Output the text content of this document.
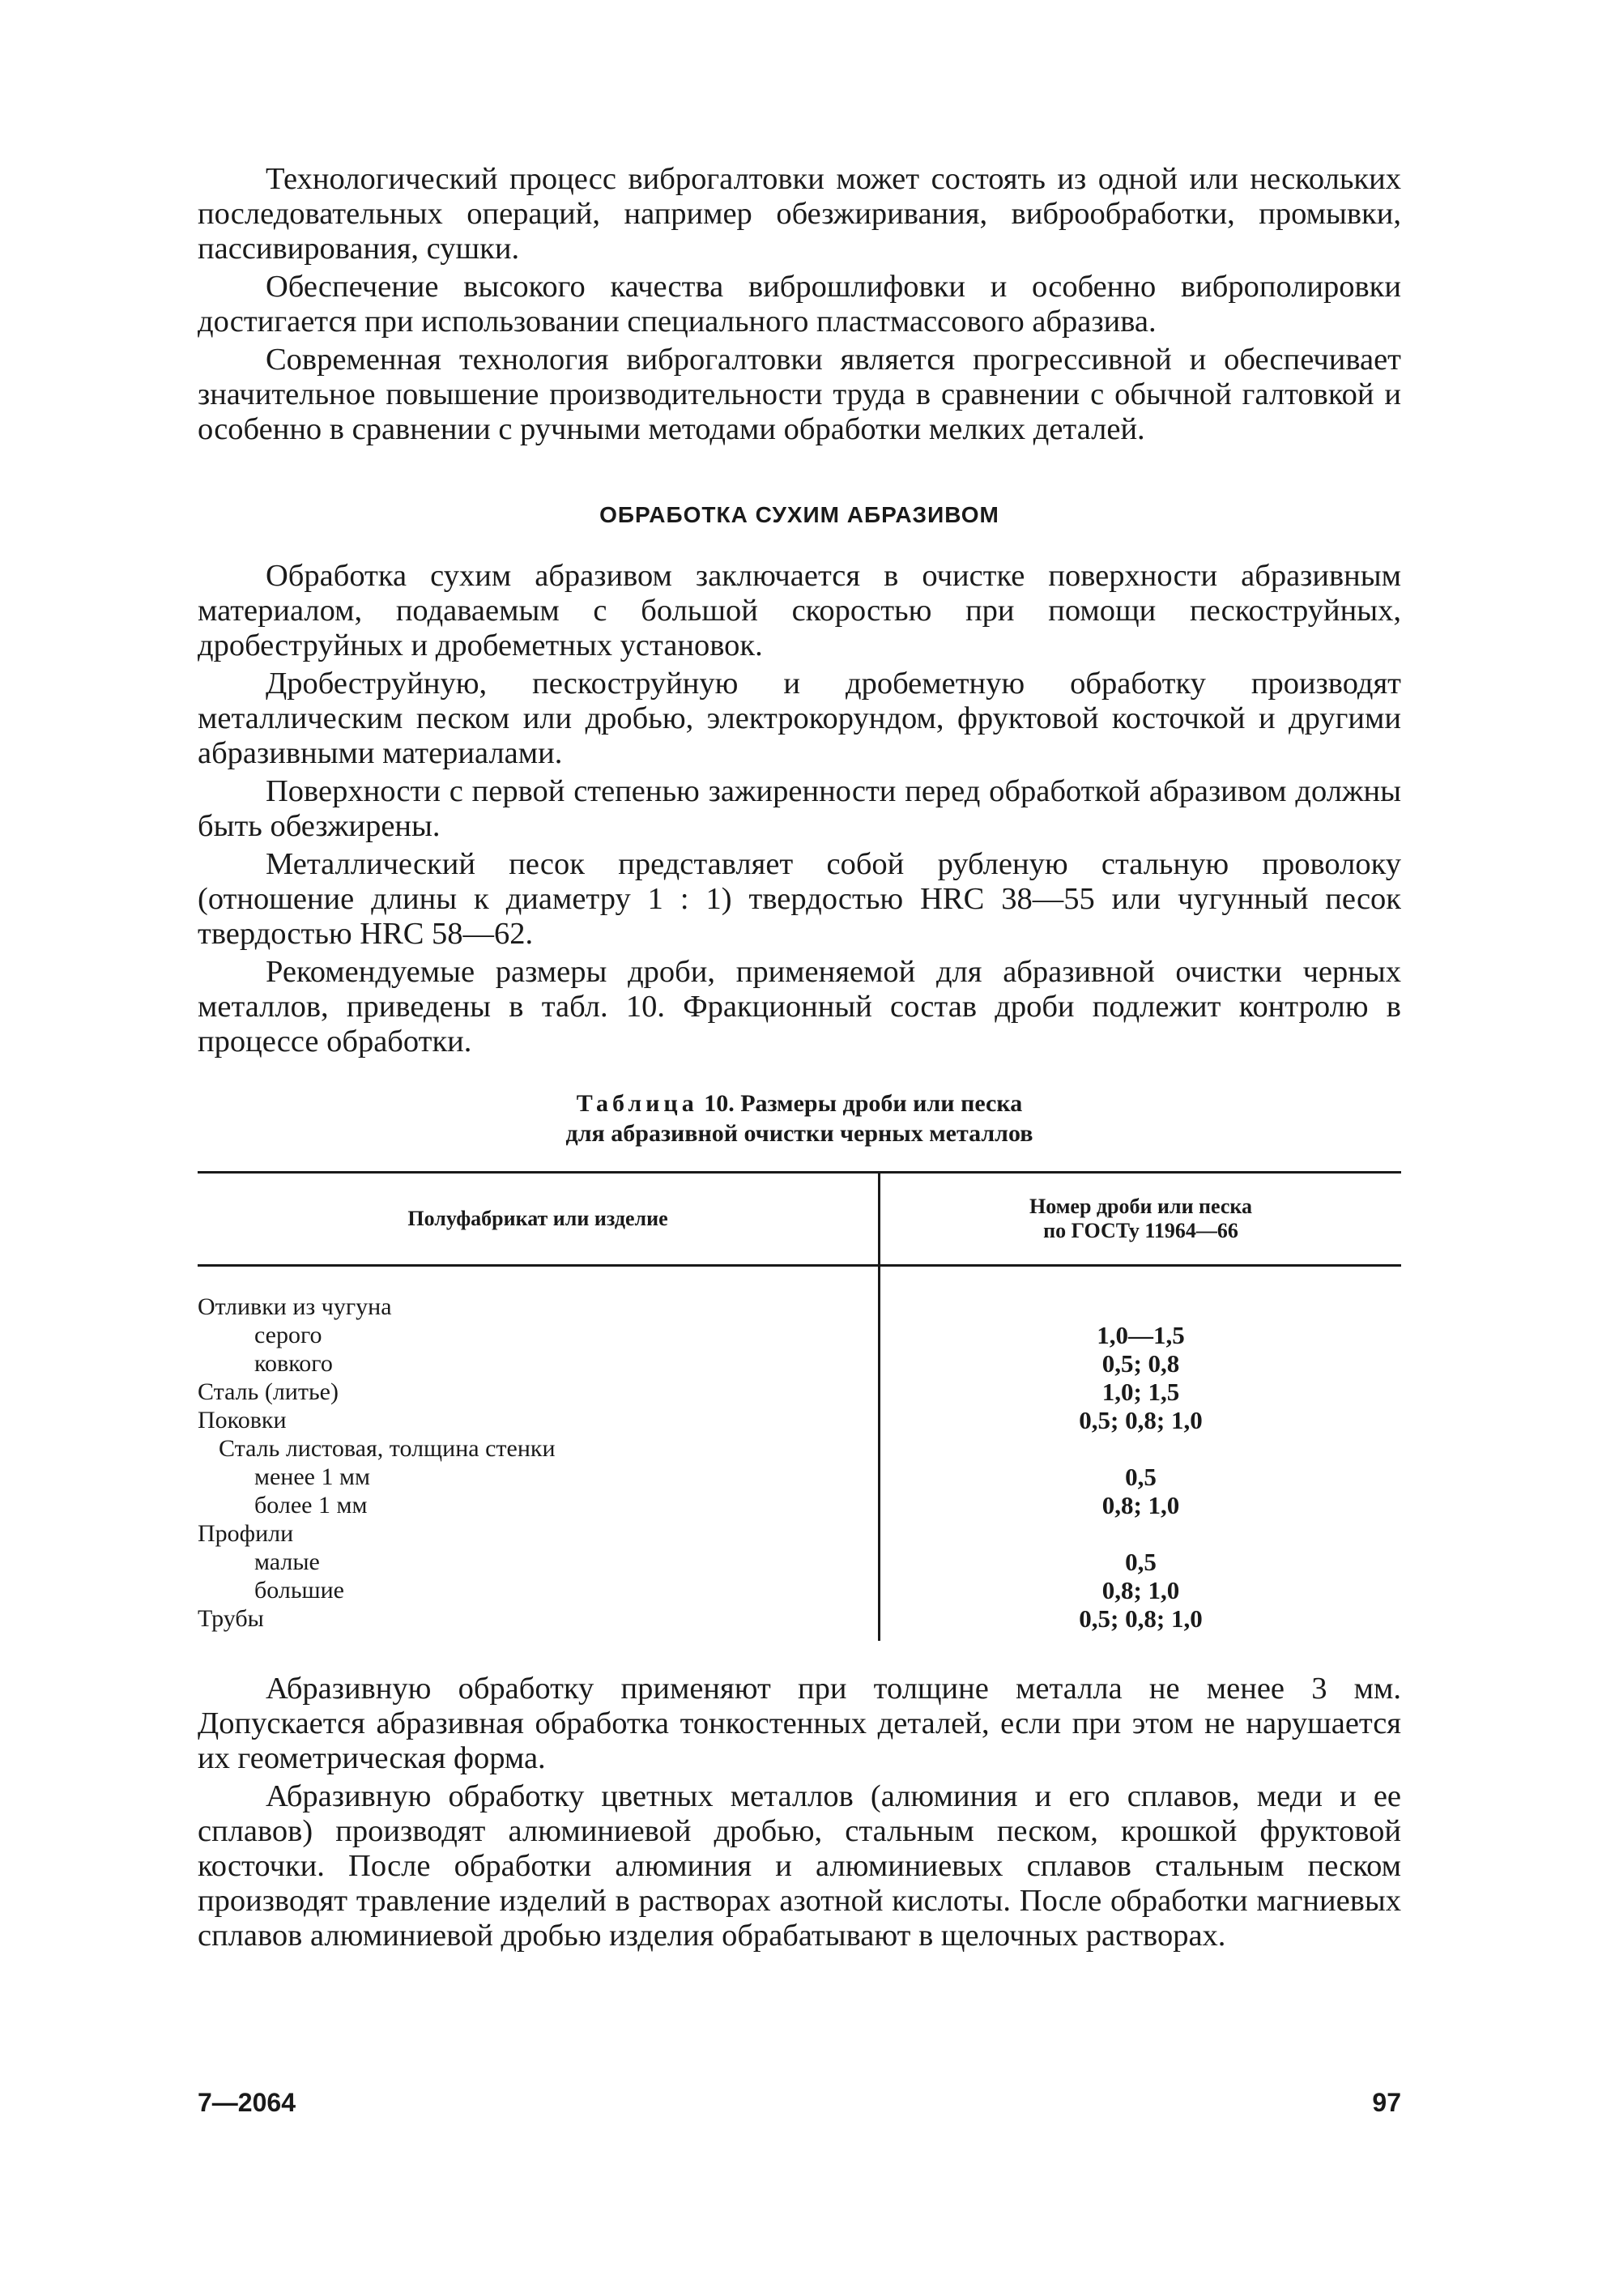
Технологический процесс виброгалтовки может состоять из одной или нескольких последовательных операций, например обезжиривания, виброобработки, промывки, пассивирования, сушки.

Обеспечение высокого качества виброшлифовки и особенно виброполировки достигается при использовании специального пластмассового абразива.

Современная технология виброгалтовки является прогрессивной и обеспечивает значительное повышение производительности труда в сравнении с обычной галтовкой и особенно в сравнении с ручными методами обработки мелких деталей.

ОБРАБОТКА СУХИМ АБРАЗИВОМ

Обработка сухим абразивом заключается в очистке поверхности абразивным материалом, подаваемым с большой скоростью при помощи пескоструйных, дробеструйных и дробеметных установок.

Дробеструйную, пескоструйную и дробеметную обработку производят металлическим песком или дробью, электрокорундом, фруктовой косточкой и другими абразивными материалами.

Поверхности с первой степенью зажиренности перед обработкой абразивом должны быть обезжирены.

Металлический песок представляет собой рубленую стальную проволоку (отношение длины к диаметру 1 : 1) твердостью HRC 38—55 или чугунный песок твердостью HRC 58—62.

Рекомендуемые размеры дроби, применяемой для абразивной очистки черных металлов, приведены в табл. 10. Фракционный состав дроби подлежит контролю в процессе обработки.

Таблица 10. Размеры дроби или песка
для абразивной очистки черных металлов
Полуфабрикат или изделие	Номер дроби или песка
по ГОСТу 11964—66
Отливки из чугуна	
серого	1,0—1,5
ковкого	0,5; 0,8
Сталь (литье)	1,0; 1,5
Поковки	0,5; 0,8; 1,0
Сталь листовая, толщина стенки	
менее 1 мм	0,5
более 1 мм	0,8; 1,0
Профили	
малые	0,5
большие	0,8; 1,0
Трубы	0,5; 0,8; 1,0

Абразивную обработку применяют при толщине металла не менее 3 мм. Допускается абразивная обработка тонкостенных деталей, если при этом не нарушается их геометрическая форма.

Абразивную обработку цветных металлов (алюминия и его сплавов, меди и ее сплавов) производят алюминиевой дробью, стальным песком, крошкой фруктовой косточки. После обработки алюминия и алюминиевых сплавов стальным песком производят травление изделий в растворах азотной кислоты. После обработки магниевых сплавов алюминиевой дробью изделия обрабатывают в щелочных растворах.

7—2064	97
